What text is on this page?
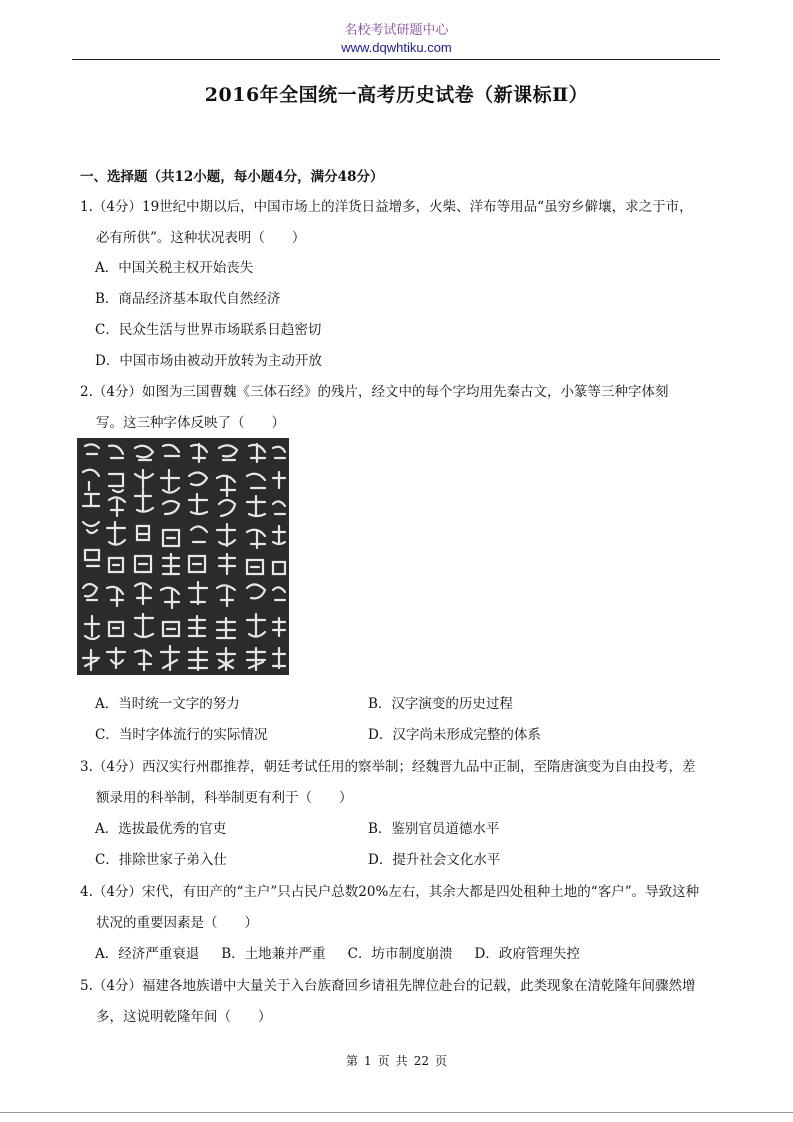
名校考试研题中心
www.dqwhtiku.com
2016年全国统一高考历史试卷（新课标Ⅱ）
一、选择题（共12小题，每小题4分，满分48分）
1.（4分）19世纪中期以后，中国市场上的洋货日益增多，火柴、洋布等用品“虽穷乡僻壤，求之于市，
必有所供”。这种状况表明（　　）
A．中国关税主权开始丧失
B．商品经济基本取代自然经济
C．民众生活与世界市场联系日趋密切
D．中国市场由被动开放转为主动开放
2.（4分）如图为三国曹魏《三体石经》的残片，经文中的每个字均用先秦古文，小篆等三种字体刻
写。这三种字体反映了（　　）
A．当时统一文字的努力	B．汉字演变的历史过程
C．当时字体流行的实际情况	D．汉字尚未形成完整的体系
3.（4分）西汉实行州郡推荐，朝廷考试任用的察举制；经魏晋九品中正制，至隋唐演变为自由投考，差
额录用的科举制，科举制更有利于（　　）
A．选拔最优秀的官吏	B．鉴别官员道德水平
C．排除世家子弟入仕	D．提升社会文化水平
4.（4分）宋代，有田产的“主户”只占民户总数20%左右，其余大都是四处租种土地的“客户”。导致这种
状况的重要因素是（　　）
A．经济严重衰退 B．土地兼并严重 C．坊市制度崩溃 D．政府管理失控
5.（4分）福建各地族谱中大量关于入台族裔回乡请祖先牌位赴台的记载，此类现象在清乾隆年间骤然增
多，这说明乾隆年间（　　）
第 1 页 共 22 页
